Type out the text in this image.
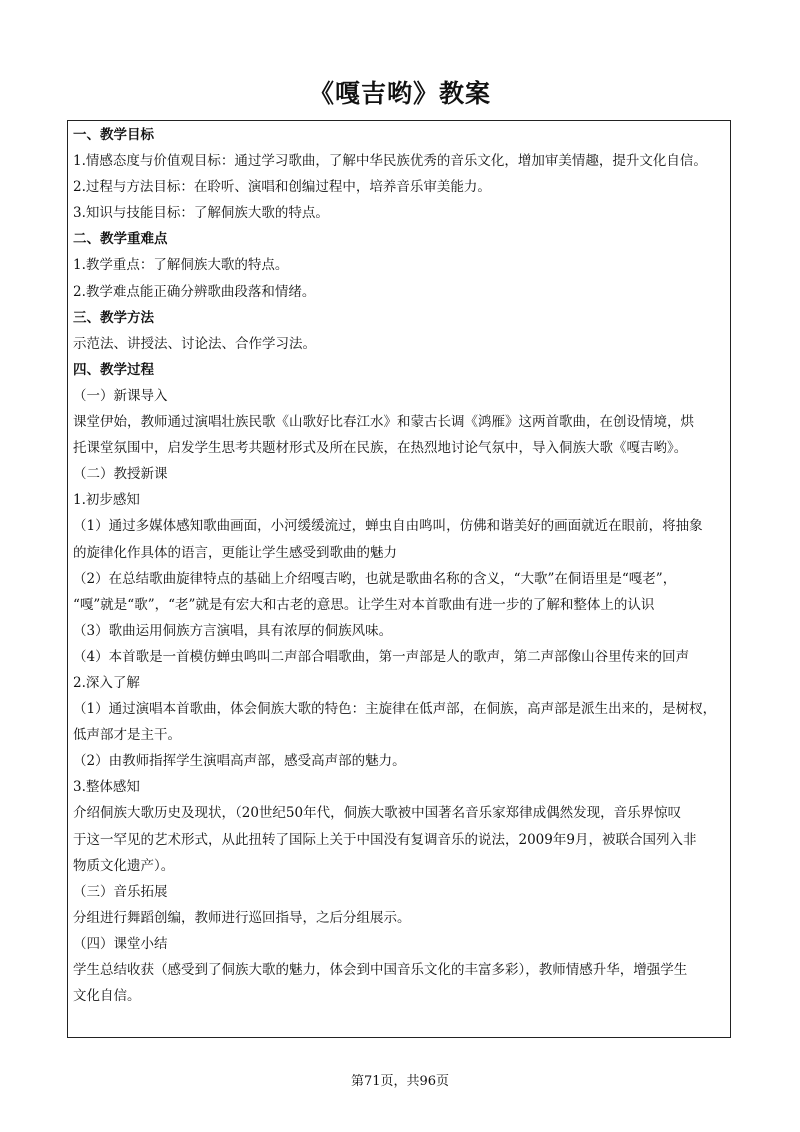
《嘎吉哟》教案
一、教学目标
1.情感态度与价值观目标：通过学习歌曲，了解中华民族优秀的音乐文化，增加审美情趣，提升文化自信。
2.过程与方法目标：在聆听、演唱和创编过程中，培养音乐审美能力。
3.知识与技能目标：了解侗族大歌的特点。
二、教学重难点
1.教学重点：了解侗族大歌的特点。
2.教学难点能正确分辨歌曲段落和情绪。
三、教学方法
示范法、讲授法、讨论法、合作学习法。
四、教学过程
（一）新课导入
课堂伊始，教师通过演唱壮族民歌《山歌好比春江水》和蒙古长调《鸿雁》这两首歌曲，在创设情境，烘
托课堂氛围中，启发学生思考共题材形式及所在民族，在热烈地讨论气氛中，导入侗族大歌《嘎吉哟》。
（二）教授新课
1.初步感知
（1）通过多媒体感知歌曲画面，小河缓缓流过，蝉虫自由鸣叫，仿佛和谐美好的画面就近在眼前，将抽象
的旋律化作具体的语言，更能让学生感受到歌曲的魅力
（2）在总结歌曲旋律特点的基础上介绍嘎吉哟，也就是歌曲名称的含义，“大歌”在侗语里是“嘎老”，
“嘎”就是“歌”，“老”就是有宏大和古老的意思。让学生对本首歌曲有进一步的了解和整体上的认识
（3）歌曲运用侗族方言演唱，具有浓厚的侗族风味。
（4）本首歌是一首模仿蝉虫鸣叫二声部合唱歌曲，第一声部是人的歌声，第二声部像山谷里传来的回声
2.深入了解
（1）通过演唱本首歌曲，体会侗族大歌的特色：主旋律在低声部，在侗族，高声部是派生出来的，是树杈，
低声部才是主干。
（2）由教师指挥学生演唱高声部，感受高声部的魅力。
3.整体感知
介绍侗族大歌历史及现状，（20世纪50年代，侗族大歌被中国著名音乐家郑律成偶然发现，音乐界惊叹
于这一罕见的艺术形式，从此扭转了国际上关于中国没有复调音乐的说法，2009年9月，被联合国列入非
物质文化遗产）。
（三）音乐拓展
分组进行舞蹈创编，教师进行巡回指导，之后分组展示。
（四）课堂小结
学生总结收获（感受到了侗族大歌的魅力，体会到中国音乐文化的丰富多彩），教师情感升华，增强学生
文化自信。
第71页，共96页
